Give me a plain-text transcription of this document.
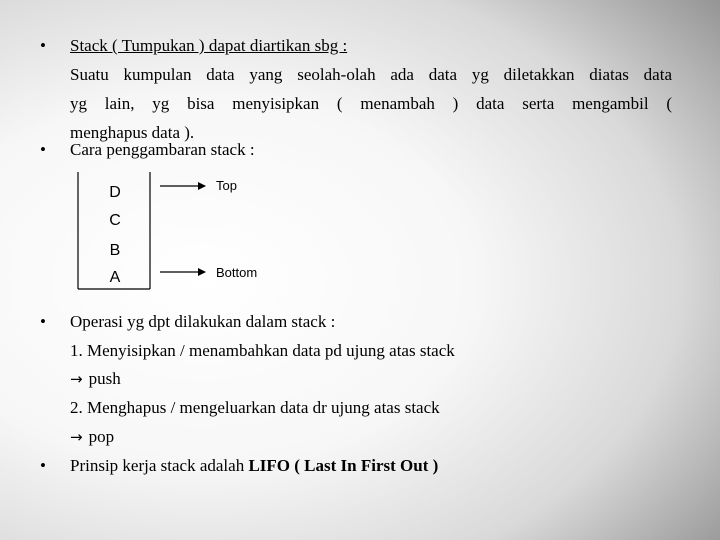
• Stack ( Tumpukan ) dapat diartikan sbg :
Suatu kumpulan data yang seolah-olah ada data yg diletakkan diatas data
yg lain, yg bisa menyisipkan ( menambah ) data serta mengambil (
menghapus data ).
• Cara penggambaran stack :
D
C
B
A
Top
Bottom
• Operasi yg dpt dilakukan dalam stack :
1. Menyisipkan / menambahkan data pd ujung atas stack
→ push
2. Menghapus / mengeluarkan data dr ujung atas stack
→ pop
• Prinsip kerja stack adalah LIFO ( Last In First Out )
